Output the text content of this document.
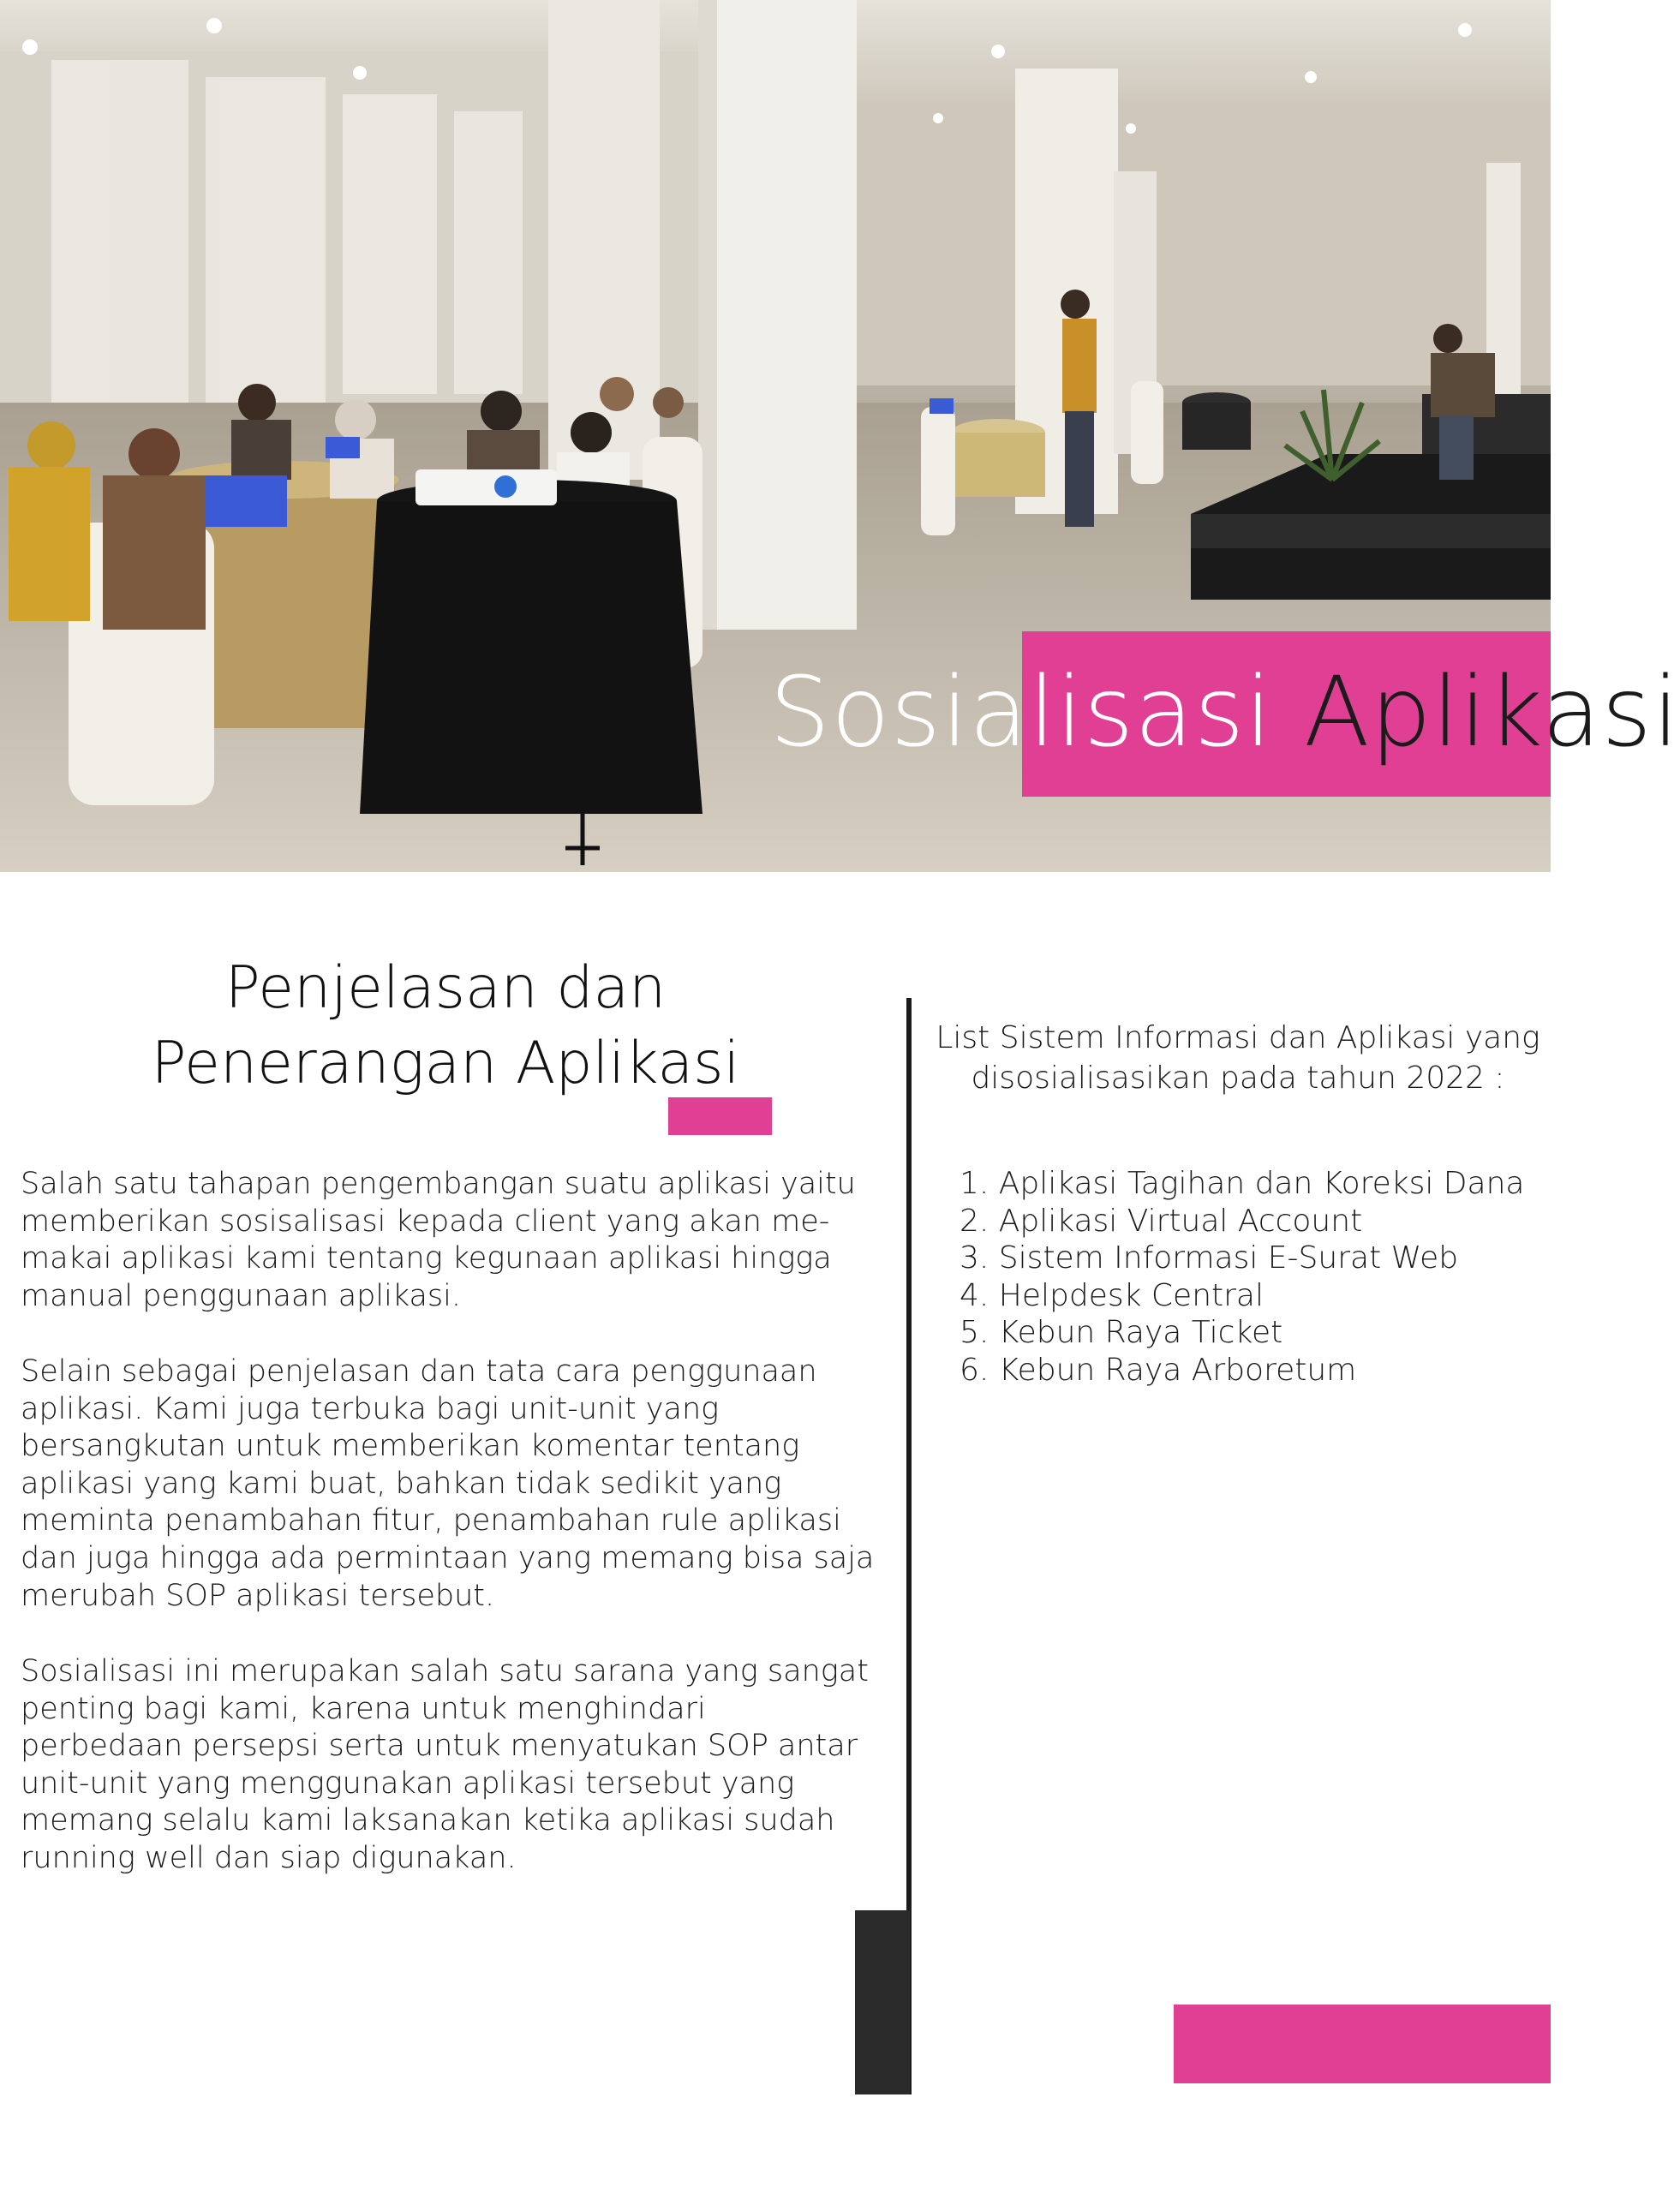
Sosialisasi Aplikasi
Penjelasan dan
Penerangan Aplikasi

Salah satu tahapan pengembangan suatu aplikasi yaitu memberikan sosisalisasi kepada client yang akan me-makai aplikasi kami tentang kegunaan aplikasi hingga manual penggunaan aplikasi.

Selain sebagai penjelasan dan tata cara penggunaan aplikasi. Kami juga terbuka bagi unit-unit yang bersangkutan untuk memberikan komentar tentang aplikasi yang kami buat, bahkan tidak sedikit yang meminta penambahan fitur, penambahan rule aplikasi dan juga hingga ada permintaan yang memang bisa saja merubah SOP aplikasi tersebut.

Sosialisasi ini merupakan salah satu sarana yang sangat penting bagi kami, karena untuk menghindari perbedaan persepsi serta untuk menyatukan SOP antar unit-unit yang menggunakan aplikasi tersebut yang memang selalu kami laksanakan ketika aplikasi sudah running well dan siap digunakan.

List Sistem Informasi dan Aplikasi yang
disosialisasikan pada tahun 2022 :
1. Aplikasi Tagihan dan Koreksi Dana
2. Aplikasi Virtual Account
3. Sistem Informasi E-Surat Web
4. Helpdesk Central
5. Kebun Raya Ticket
6. Kebun Raya Arboretum
